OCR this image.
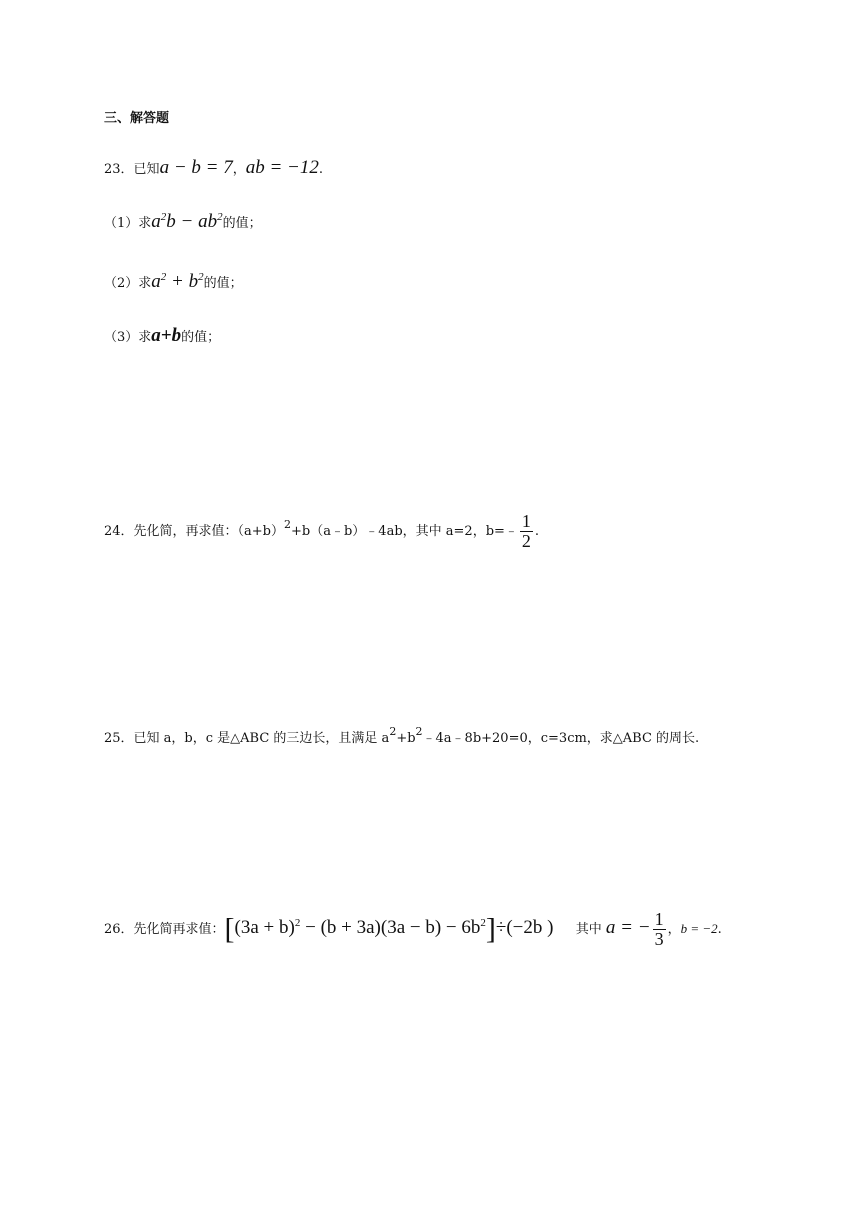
三、解答题
23．已知a − b = 7，ab = −12.
（1）求$a^2b - ab^2$的值；
（2）求$a^2 + b^2$的值；
（3）求a+b的值；
24．先化简，再求值：$(a+b)^2+b(a﹣b)﹣4ab$，其中 a=2，b=﹣ $\frac{1}{2}$ .
25．已知 a，b，c 是△ABC 的三边长，且满足 $a^2+b^2﹣4a﹣8b+20=0$，c=3cm，求△ABC 的周长.
26．先化简再求值：$[(3a + b)^2 - (b + 3a)(3a - b) - 6b^2]\div(-2b$ ) 其中 a = − $\frac{1}{3}$ ，b = −2.
